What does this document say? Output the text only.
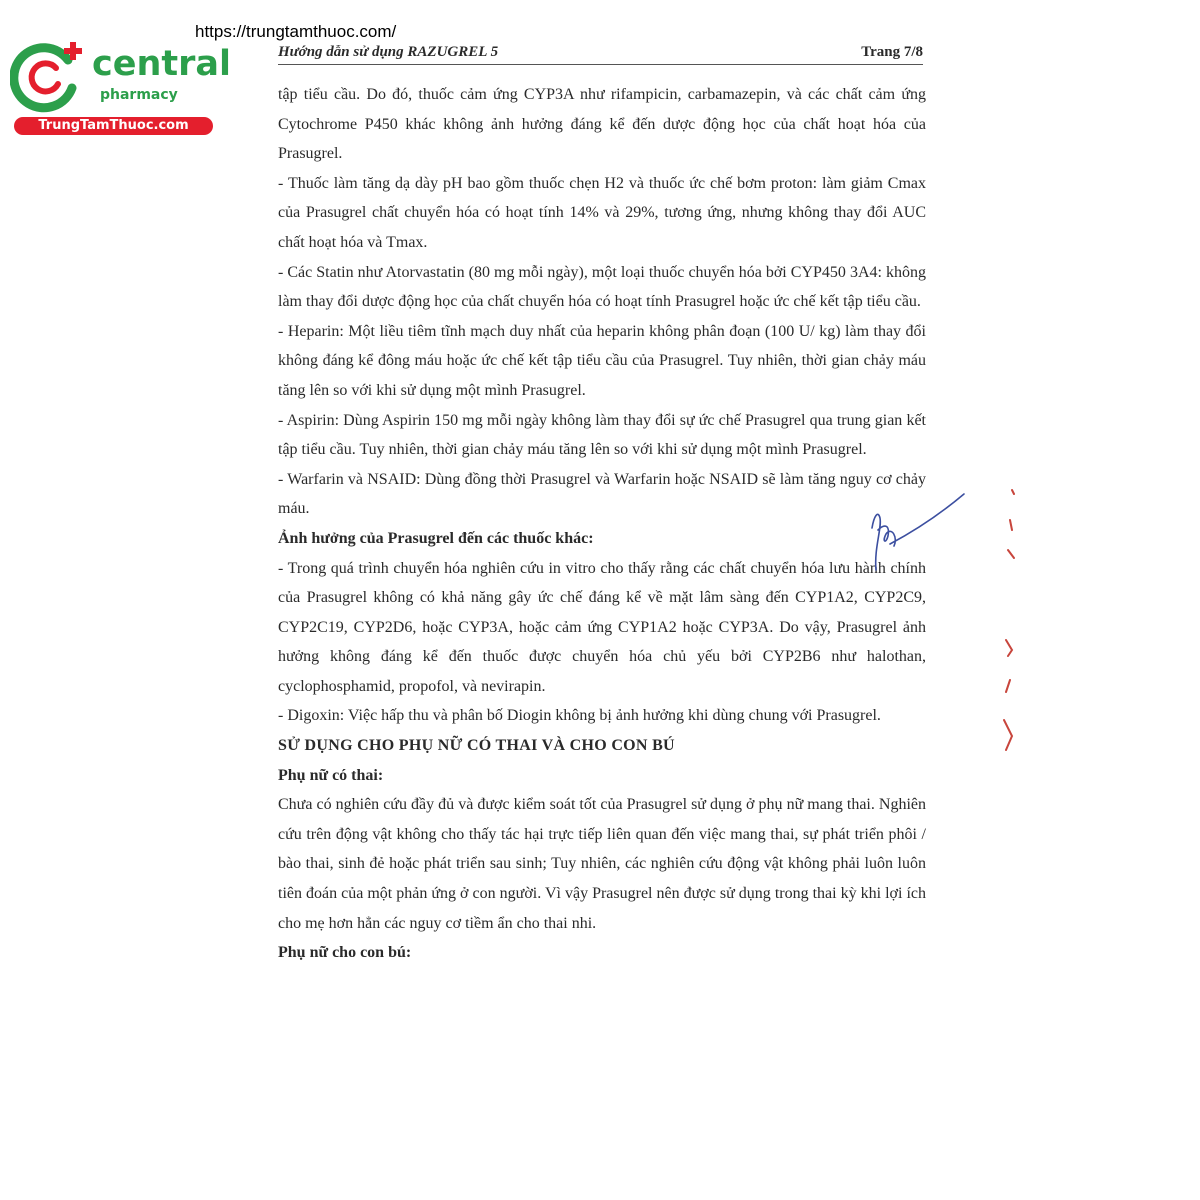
https://trungtamthuoc.com/
central
pharmacy
TrungTamThuoc.com
Hướng dẫn sử dụng RAZUGREL 5	Trang 7/8

tập tiểu cầu. Do đó, thuốc cảm ứng CYP3A như rifampicin, carbamazepin, và các chất cảm ứng Cytochrome P450 khác không ảnh hưởng đáng kể đến dược động học của chất hoạt hóa của Prasugrel.

- Thuốc làm tăng dạ dày pH bao gồm thuốc chẹn H2 và thuốc ức chế bơm proton: làm giảm Cmax của Prasugrel chất chuyển hóa có hoạt tính 14% và 29%, tương ứng, nhưng không thay đổi AUC chất hoạt hóa và Tmax.

- Các Statin như Atorvastatin (80 mg mỗi ngày), một loại thuốc chuyển hóa bởi CYP450 3A4: không làm thay đổi dược động học của chất chuyển hóa có hoạt tính Prasugrel hoặc ức chế kết tập tiểu cầu.

- Heparin: Một liều tiêm tĩnh mạch duy nhất của heparin không phân đoạn (100 U/ kg) làm thay đổi không đáng kể đông máu hoặc ức chế kết tập tiểu cầu của Prasugrel. Tuy nhiên, thời gian chảy máu tăng lên so với khi sử dụng một mình Prasugrel.

- Aspirin: Dùng Aspirin 150 mg mỗi ngày không làm thay đổi sự ức chế Prasugrel qua trung gian kết tập tiểu cầu. Tuy nhiên, thời gian chảy máu tăng lên so với khi sử dụng một mình Prasugrel.

- Warfarin và NSAID: Dùng đồng thời Prasugrel và Warfarin hoặc NSAID sẽ làm tăng nguy cơ chảy máu.

Ảnh hưởng của Prasugrel đến các thuốc khác:

- Trong quá trình chuyển hóa nghiên cứu in vitro cho thấy rằng các chất chuyển hóa lưu hành chính của Prasugrel không có khả năng gây ức chế đáng kể về mặt lâm sàng đến CYP1A2, CYP2C9, CYP2C19, CYP2D6, hoặc CYP3A, hoặc cảm ứng CYP1A2 hoặc CYP3A. Do vậy, Prasugrel ảnh hưởng không đáng kể đến thuốc được chuyển hóa chủ yếu bởi CYP2B6 như halothan, cyclophosphamid, propofol, và nevirapin.

- Digoxin: Việc hấp thu và phân bố Diogin không bị ảnh hưởng khi dùng chung với Prasugrel.

SỬ DỤNG CHO PHỤ NỮ CÓ THAI VÀ CHO CON BÚ
Phụ nữ có thai:

Chưa có nghiên cứu đầy đủ và được kiểm soát tốt của Prasugrel sử dụng ở phụ nữ mang thai. Nghiên cứu trên động vật không cho thấy tác hại trực tiếp liên quan đến việc mang thai, sự phát triển phôi / bào thai, sinh đẻ hoặc phát triển sau sinh; Tuy nhiên, các nghiên cứu động vật không phải luôn luôn tiên đoán của một phản ứng ở con người. Vì vậy Prasugrel nên được sử dụng trong thai kỳ khi lợi ích cho mẹ hơn hẳn các nguy cơ tiềm ẩn cho thai nhi.

Phụ nữ cho con bú:
